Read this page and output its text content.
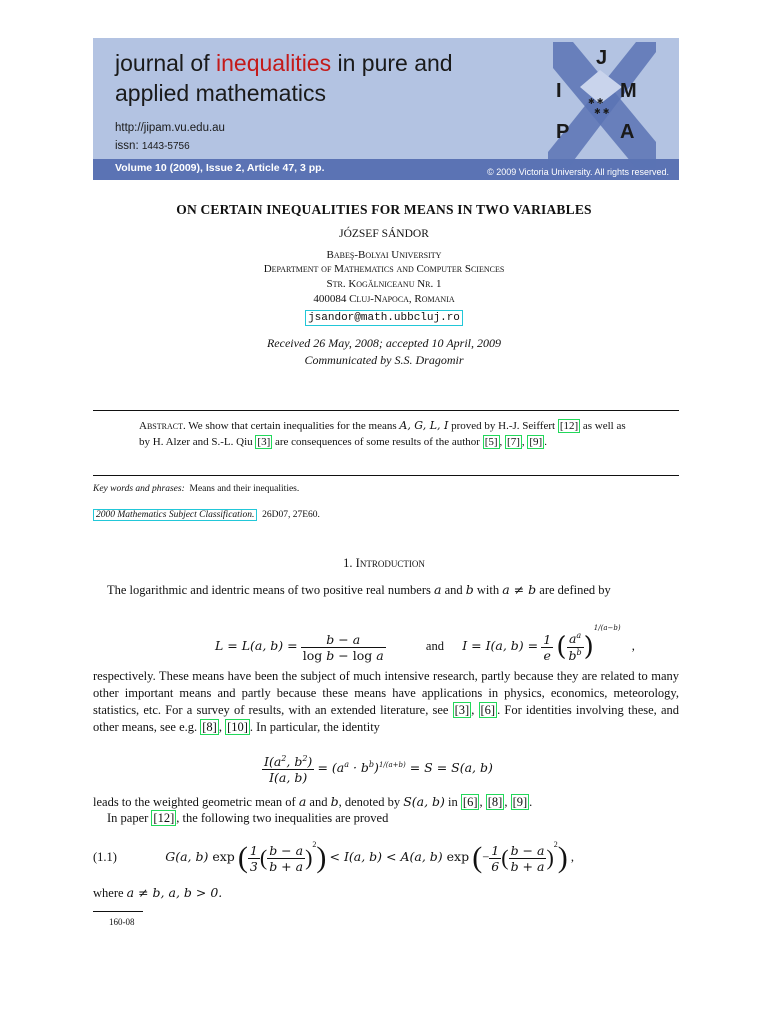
journal of inequalities in pure and
applied mathematics
http://jipam.vu.edu.au
issn: 1443-5756
Volume 10 (2009), Issue 2, Article 47, 3 pp.	© 2009 Victoria University. All rights reserved.
J
I	M
P	A
✱ ✱
✱ ✱
ON CERTAIN INEQUALITIES FOR MEANS IN TWO VARIABLES
JÓZSEF SÁNDOR
Babeş-Bolyai University
Department of Mathematics and Computer Sciences
Str. Kogălniceanu Nr. 1
400084 Cluj-Napoca, Romania
jsandor@math.ubbcluj.ro
Received 26 May, 2008; accepted 10 April, 2009
Communicated by S.S. Dragomir
Abstract. We show that certain inequalities for the means A, G, L, I proved by H.-J. Seiffert [12] as well as by H. Alzer and S.-L. Qiu [3] are consequences of some results of the author [5] , [7] , [9] .
Key words and phrases: Means and their inequalities.
2000 Mathematics Subject Classification. 26D07, 27E60.
1. Introduction
The logarithmic and identric means of two positive real numbers a and b with a ≠ b are defined by
L = L(a, $b) = \frac{b - a}{\text{log b − log a}}$	and I = I(a, $b) = \frac{1}{e}$ ( $\frac{a^a}{b^b} )^{1/(a-b)}$ ,
respectively. These means have been the subject of much intensive research, partly because they are related to many other important means and partly because these means have applications in physics, economics, meteorology, statistics, etc. For a survey of results, with an extended literature, see [3] , [6] . For identities involving these, and other means, see e.g. [8] , [10] . In particular, the identity
$\frac{I(a^2, b^2)}{I(a, b)} = (a^a \cdot b^b)^{1/(a+b)} = S = S(a$, b)
leads to the weighted geometric mean of a and b, denoted by S(a, b) in [6] , [8] , [9] .
In paper [12] , the following two inequalities are proved
(1.1)	G(a, b) exp ( $\frac{1}{3}$ ( $\frac{b - a}{b + a} )^2) < I(a$, b) < A(a, b) exp (− $\frac{1}{6}$ ( $\frac{b - a}{b + a} )^2$) ,
where a ≠ b, a, b > 0.
160-08
